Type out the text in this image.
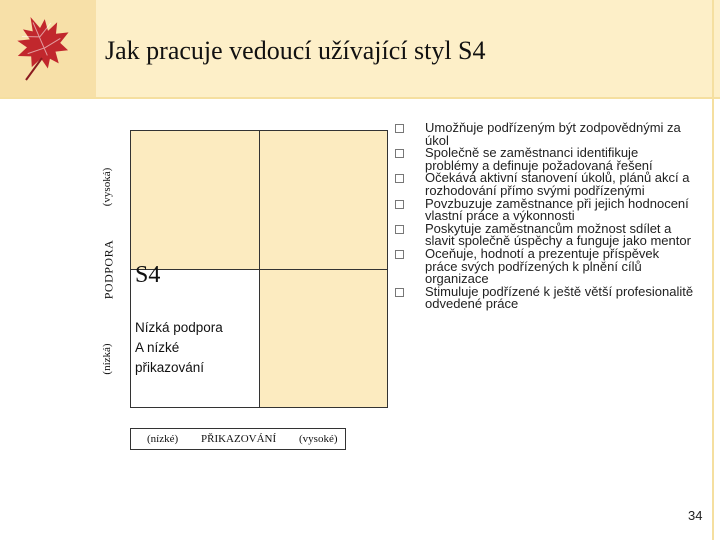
Jak pracuje vedoucí užívající styl S4
(vysoká)
PODPORA
(nízká)
S4
Nízká podpora
A nízké
přikazování
(nízké) PŘIKAZOVÁNÍ (vysoké)
Umožňuje podřízeným být zodpovědnými za úkol
Společně se zaměstnanci identifikuje problémy a definuje požadovaná řešení
Očekává aktivní stanovení úkolů, plánů akcí a rozhodování přímo svými podřízenými
Povzbuzuje zaměstnance při jejich hodnocení vlastní práce a výkonnosti
Poskytuje zaměstnancům možnost sdílet a slavit společně úspěchy a funguje jako mentor
Oceňuje, hodnotí a prezentuje příspěvek práce svých podřízených k plnění cílů organizace
Stimuluje podřízené k ještě větší profesionalitě odvedené práce
34
